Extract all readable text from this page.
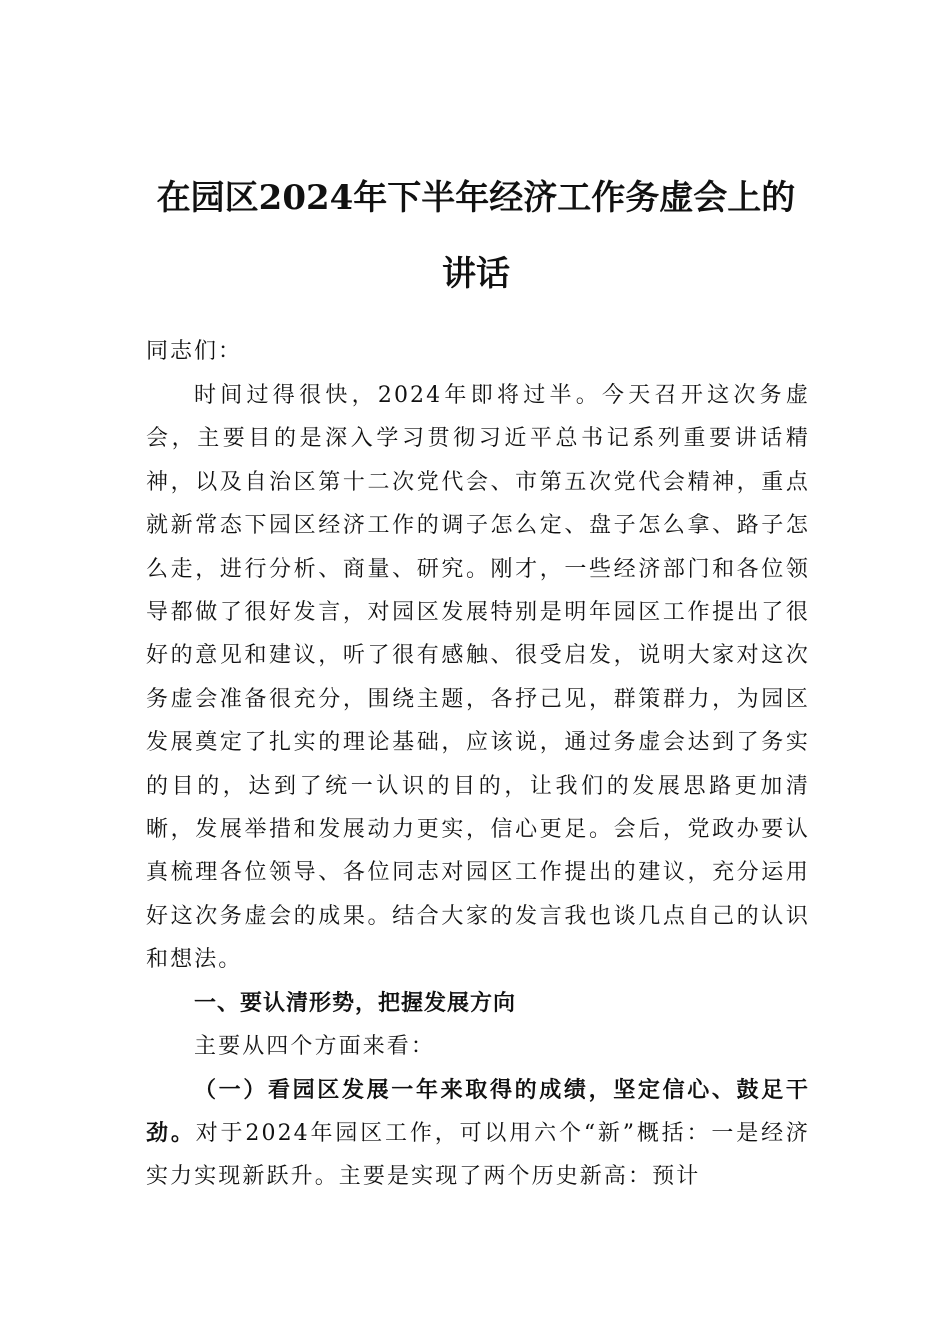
在园区2024年下半年经济工作务虚会上的
讲话
同志们：

时间过得很快，2024年即将过半。今天召开这次务虚会，主要目的是深入学习贯彻习近平总书记系列重要讲话精神，以及自治区第十二次党代会、市第五次党代会精神，重点就新常态下园区经济工作的调子怎么定、盘子怎么拿、路子怎么走，进行分析、商量、研究。刚才，一些经济部门和各位领导都做了很好发言，对园区发展特别是明年园区工作提出了很好的意见和建议，听了很有感触、很受启发，说明大家对这次务虚会准备很充分，围绕主题，各抒己见，群策群力，为园区发展奠定了扎实的理论基础，应该说，通过务虚会达到了务实的目的，达到了统一认识的目的，让我们的发展思路更加清晰，发展举措和发展动力更实，信心更足。会后，党政办要认真梳理各位领导、各位同志对园区工作提出的建议，充分运用好这次务虚会的成果。结合大家的发言我也谈几点自己的认识和想法。

一、要认清形势，把握发展方向

主要从四个方面来看：

（一）看园区发展一年来取得的成绩，坚定信心、鼓足干劲。对于2024年园区工作，可以用六个“新”概括：一是经济实力实现新跃升。主要是实现了两个历史新高：预计
